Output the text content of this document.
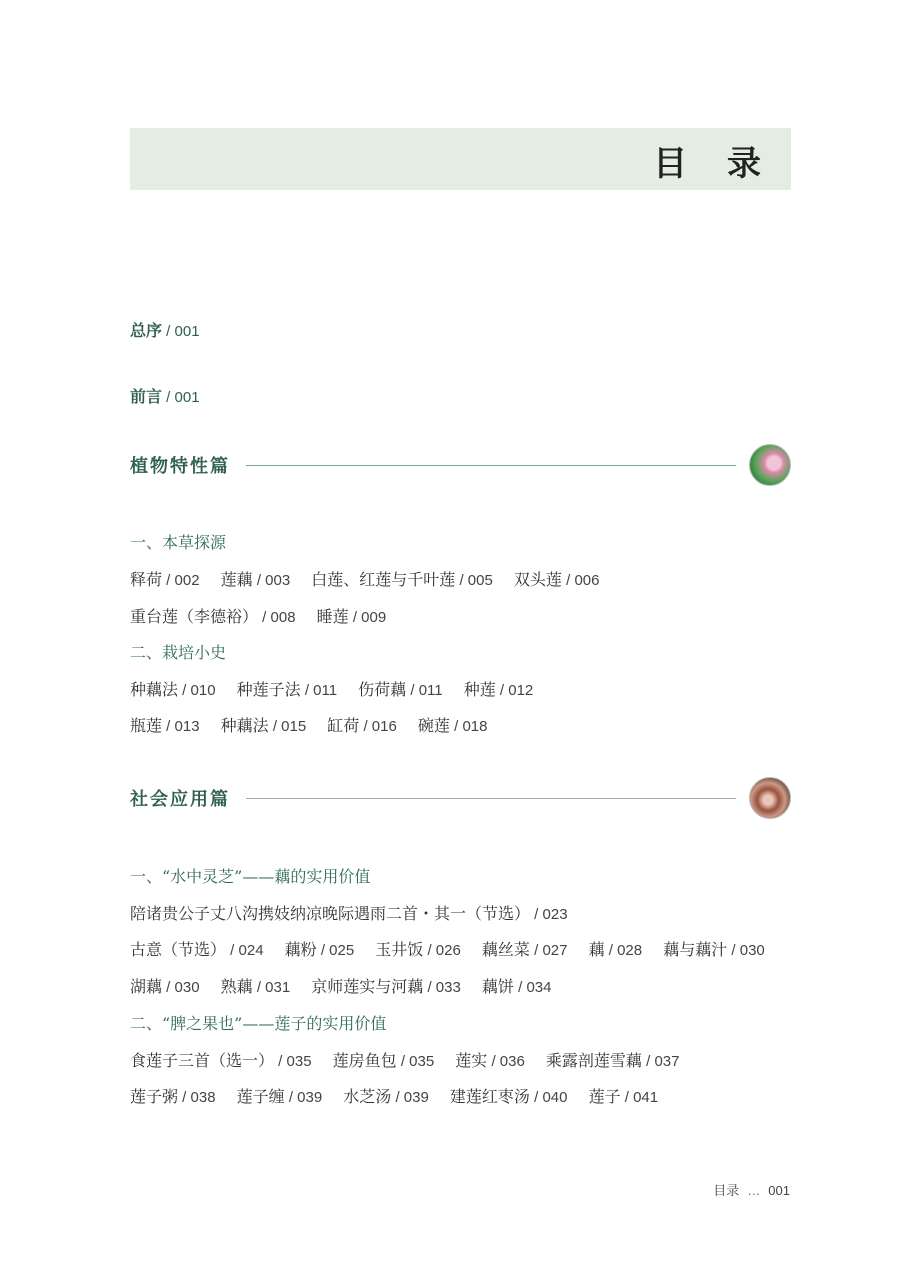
目 录
总序 / 001
前言 / 001
植物特性篇
一、本草探源
释荷 / 002 莲藕 / 003 白莲、红莲与千叶莲 / 005 双头莲 / 006
重台莲（李德裕） / 008 睡莲 / 009
二、栽培小史
种藕法 / 010 种莲子法 / 011 伤荷藕 / 011 种莲 / 012
瓶莲 / 013 种藕法 / 015 缸荷 / 016 碗莲 / 018
社会应用篇
一、“水中灵芝”——藕的实用价值
陪诸贵公子丈八沟携妓纳凉晚际遇雨二首・其一（节选） / 023
古意（节选） / 024 藕粉 / 025 玉井饭 / 026 藕丝菜 / 027 藕 / 028 藕与藕汁 / 030
湖藕 / 030 熟藕 / 031 京师莲实与河藕 / 033 藕饼 / 034
二、“脾之果也”——莲子的实用价值
食莲子三首（选一） / 035 莲房鱼包 / 035 莲实 / 036 乘露剖莲雪藕 / 037
莲子粥 / 038 莲子缠 / 039 水芝汤 / 039 建莲红枣汤 / 040 莲子 / 041
目录 … 001
